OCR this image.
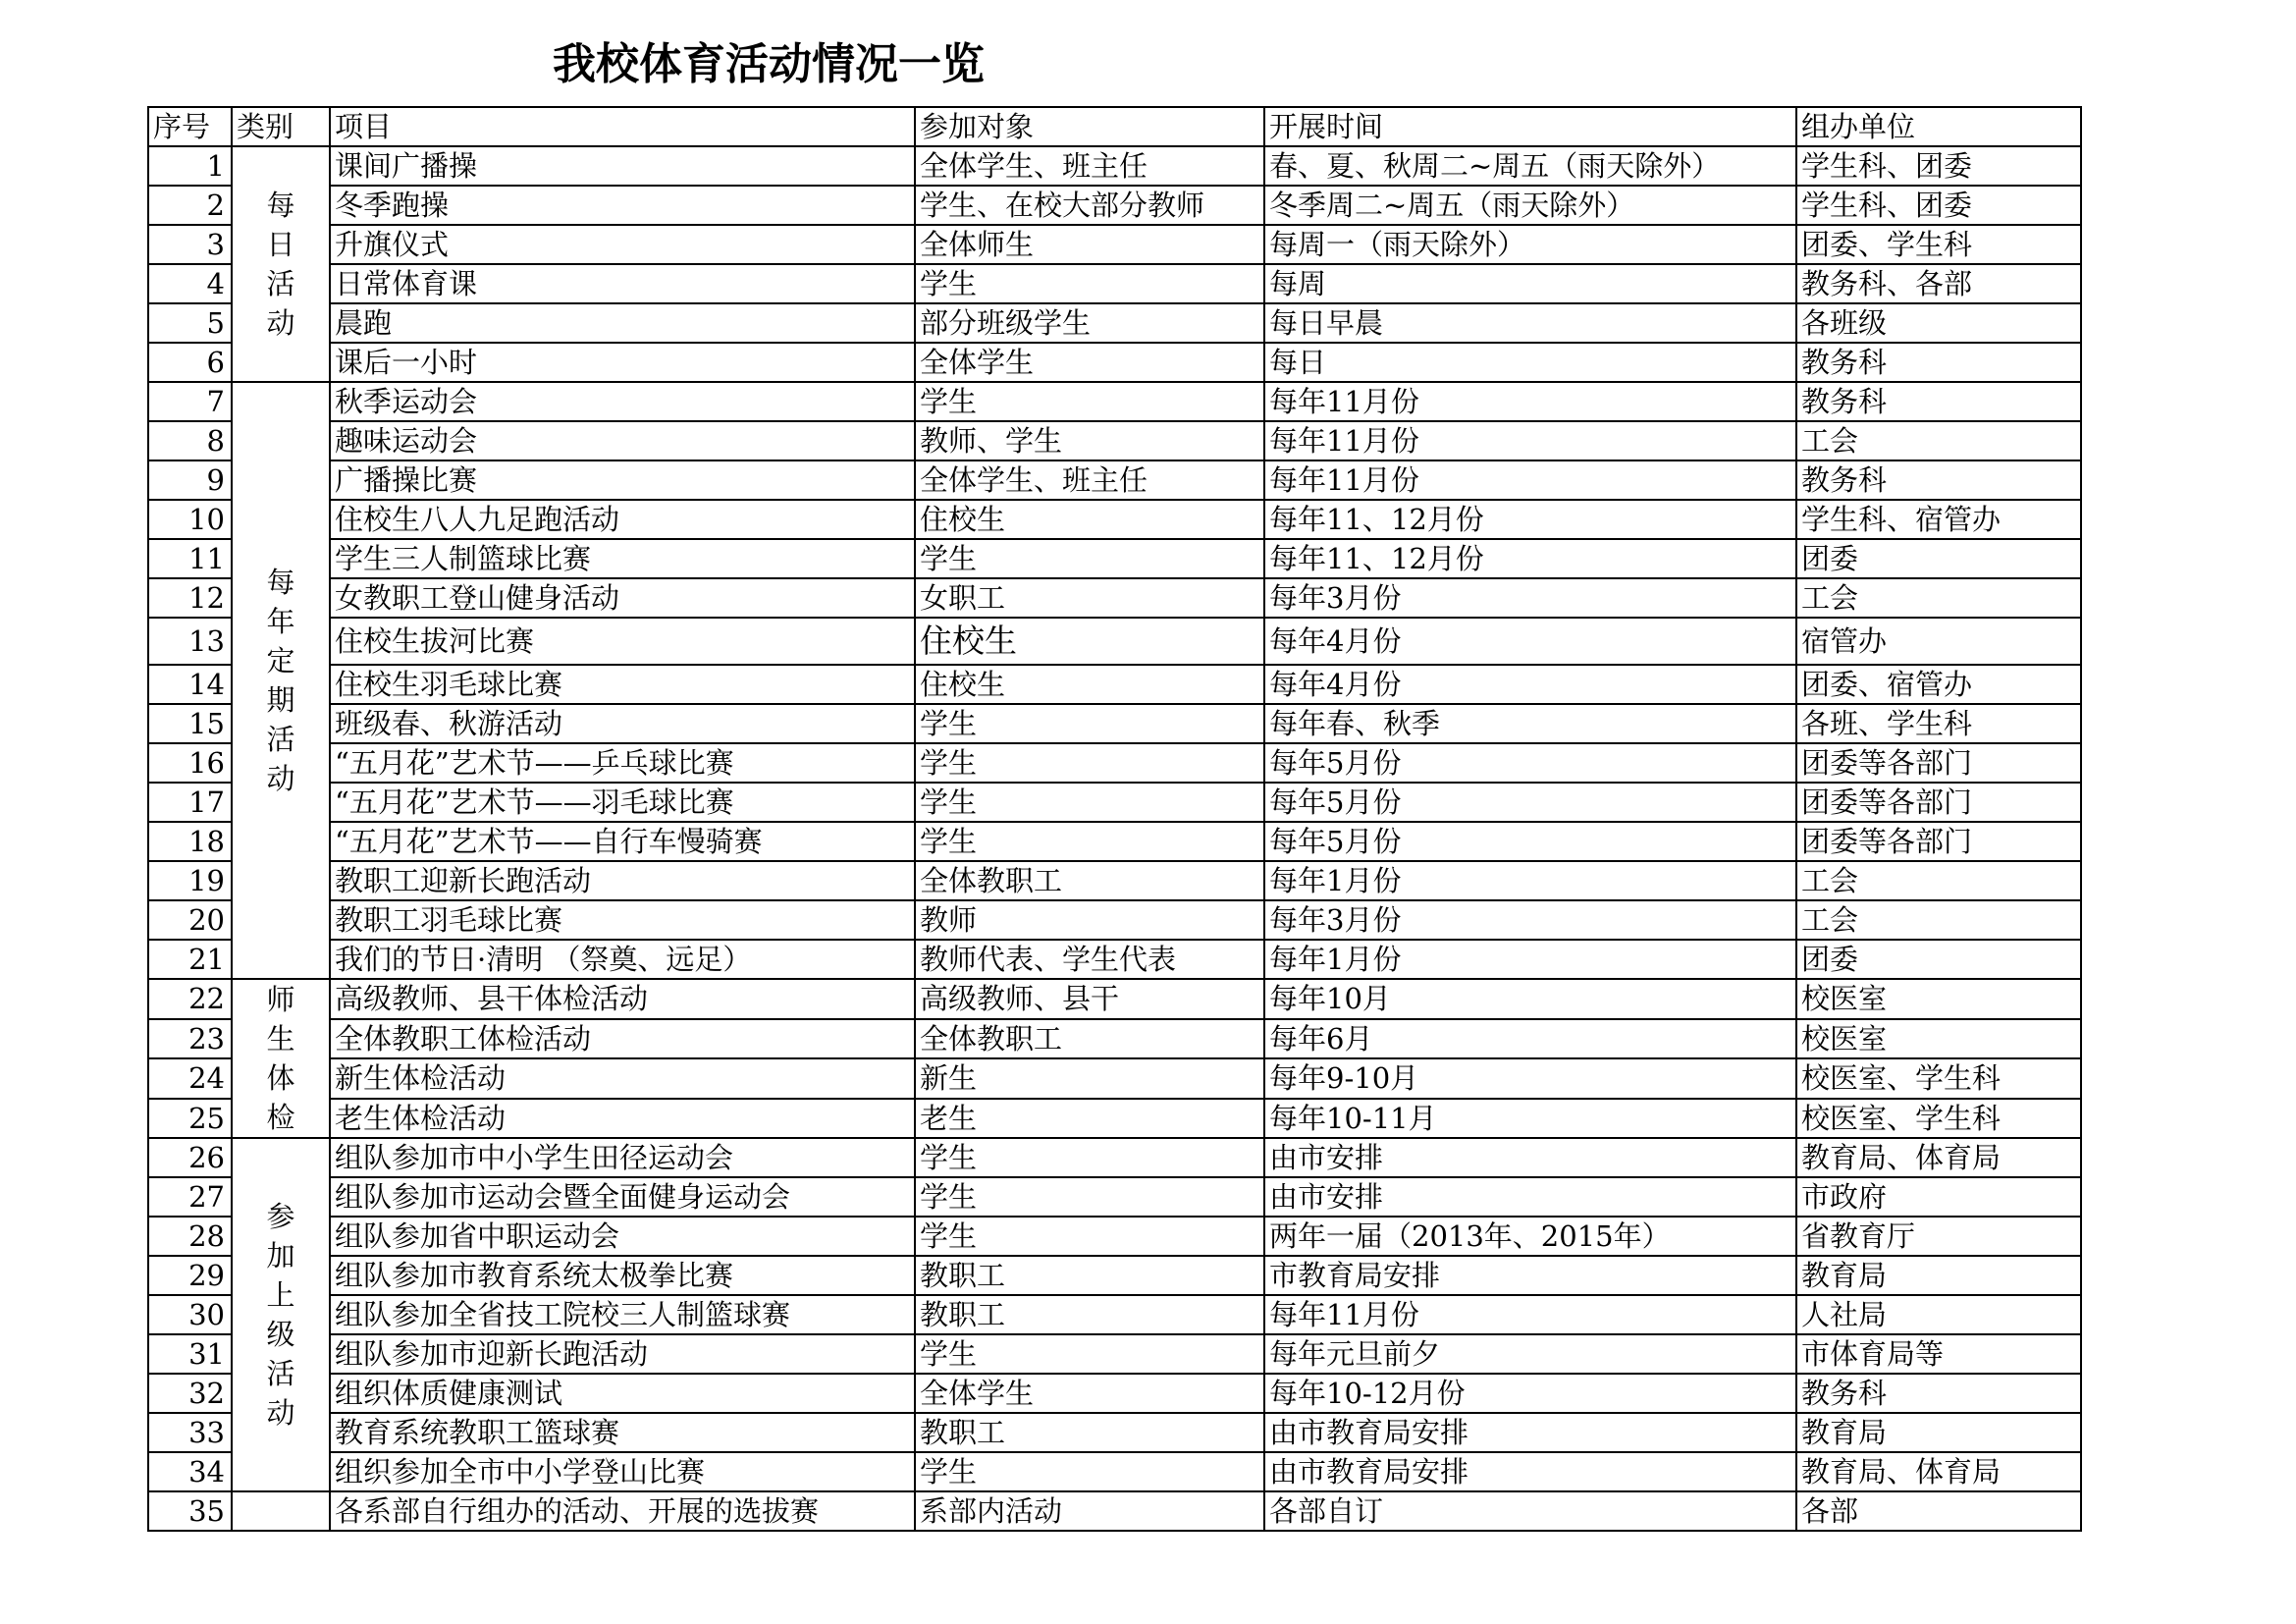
我校体育活动情况一览
序号	类别	项目	参加对象	开展时间	组办单位
1	每日活动	课间广播操	全体学生、班主任	春、夏、秋周二~周五（雨天除外）	学生科、团委
2		冬季跑操	学生、在校大部分教师	冬季周二~周五（雨天除外）	学生科、团委
3		升旗仪式	全体师生	每周一（雨天除外）	团委、学生科
4		日常体育课	学生	每周	教务科、各部
5		晨跑	部分班级学生	每日早晨	各班级
6		课后一小时	全体学生	每日	教务科
7	每年定期活动	秋季运动会	学生	每年11月份	教务科
8		趣味运动会	教师、学生	每年11月份	工会
9		广播操比赛	全体学生、班主任	每年11月份	教务科
10		住校生八人九足跑活动	住校生	每年11、12月份	学生科、宿管办
11		学生三人制篮球比赛	学生	每年11、12月份	团委
12		女教职工登山健身活动	女职工	每年3月份	工会
13		住校生拔河比赛	住校生	每年4月份	宿管办
14		住校生羽毛球比赛	住校生	每年4月份	团委、宿管办
15		班级春、秋游活动	学生	每年春、秋季	各班、学生科
16		“五月花”艺术节——乒乓球比赛	学生	每年5月份	团委等各部门
17		“五月花”艺术节——羽毛球比赛	学生	每年5月份	团委等各部门
18		“五月花”艺术节——自行车慢骑赛	学生	每年5月份	团委等各部门
19		教职工迎新长跑活动	全体教职工	每年1月份	工会
20		教职工羽毛球比赛	教师	每年3月份	工会
21		我们的节日·清明 （祭奠、远足）	教师代表、学生代表	每年1月份	团委
22	师生体检	高级教师、县干体检活动	高级教师、县干	每年10月	校医室
23		全体教职工体检活动	全体教职工	每年6月	校医室
24		新生体检活动	新生	每年9-10月	校医室、学生科
25		老生体检活动	老生	每年10-11月	校医室、学生科
26	参加上级活动	组队参加市中小学生田径运动会	学生	由市安排	教育局、体育局
27		组队参加市运动会暨全面健身运动会	学生	由市安排	市政府
28		组队参加省中职运动会	学生	两年一届（2013年、2015年）	省教育厅
29		组队参加市教育系统太极拳比赛	教职工	市教育局安排	教育局
30		组队参加全省技工院校三人制篮球赛	教职工	每年11月份	人社局
31		组队参加市迎新长跑活动	学生	每年元旦前夕	市体育局等
32		组织体质健康测试	全体学生	每年10-12月份	教务科
33		教育系统教职工篮球赛	教职工	由市教育局安排	教育局
34		组织参加全市中小学登山比赛	学生	由市教育局安排	教育局、体育局
35		各系部自行组办的活动、开展的选拔赛	系部内活动	各部自订	各部
